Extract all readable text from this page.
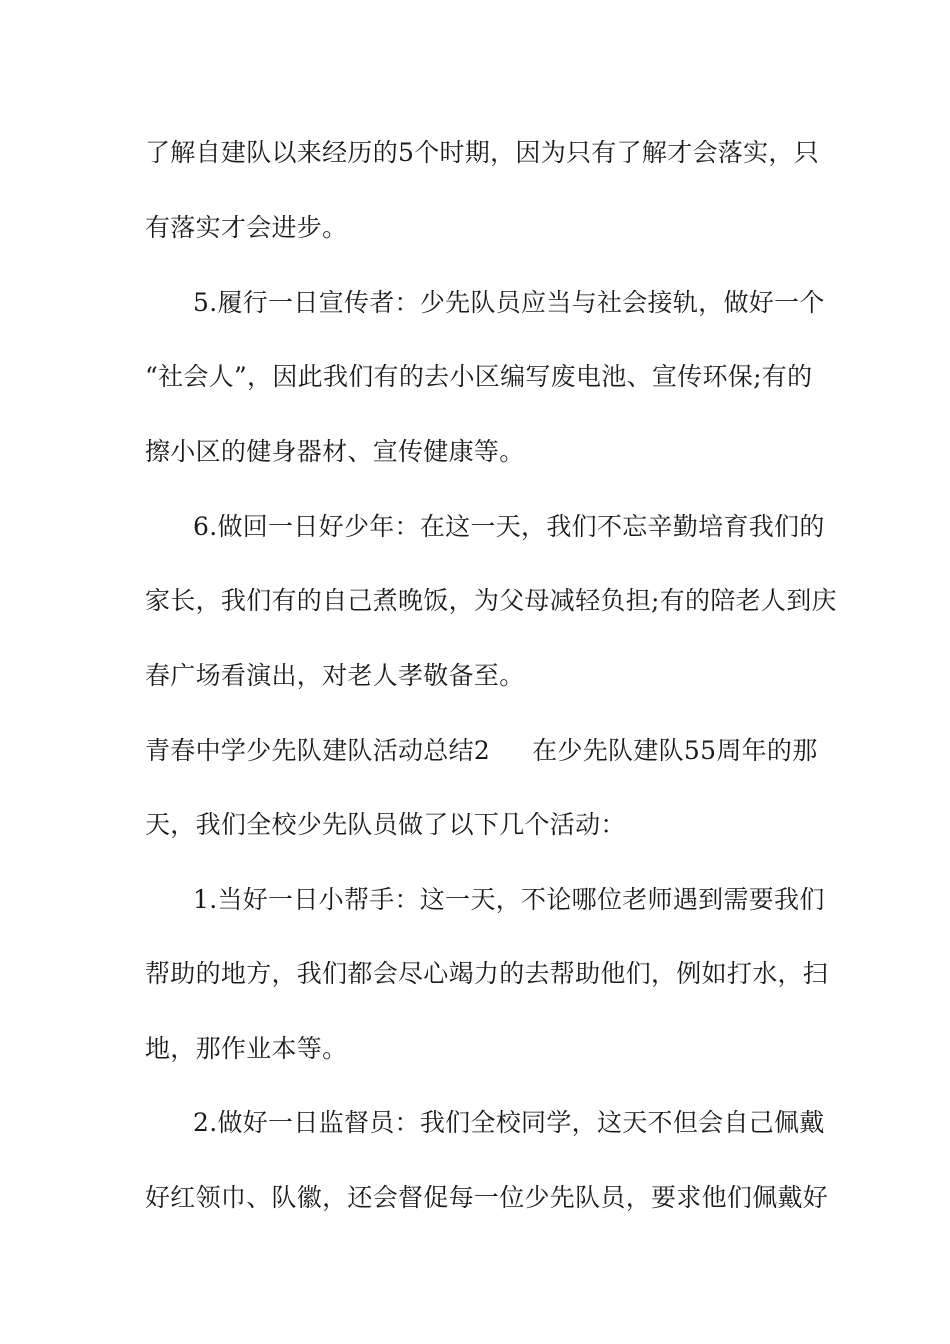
了解自建队以来经历的5个时期，因为只有了解才会落实，只
有落实才会进步。
5.履行一日宣传者：少先队员应当与社会接轨，做好一个
“社会人”，因此我们有的去小区编写废电池、宣传环保;有的
擦小区的健身器材、宣传健康等。
6.做回一日好少年：在这一天，我们不忘辛勤培育我们的
家长，我们有的自己煮晚饭，为父母减轻负担;有的陪老人到庆
春广场看演出，对老人孝敬备至。
青春中学少先队建队活动总结2 在少先队建队55周年的那
天，我们全校少先队员做了以下几个活动：
1.当好一日小帮手：这一天，不论哪位老师遇到需要我们
帮助的地方，我们都会尽心竭力的去帮助他们，例如打水，扫
地，那作业本等。
2.做好一日监督员：我们全校同学，这天不但会自己佩戴
好红领巾、队徽，还会督促每一位少先队员，要求他们佩戴好
